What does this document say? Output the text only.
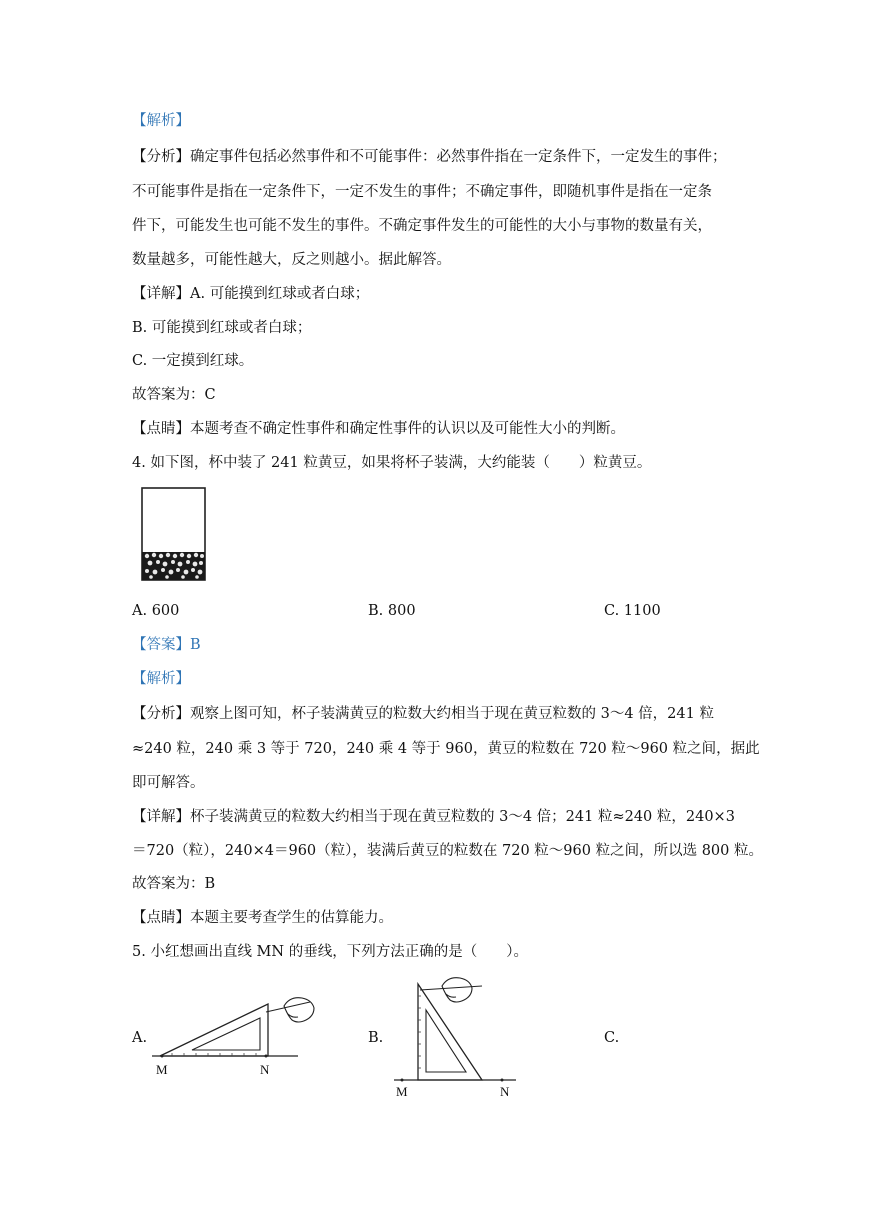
【解析】
【分析】确定事件包括必然事件和不可能事件：必然事件指在一定条件下，一定发生的事件；
不可能事件是指在一定条件下，一定不发生的事件；不确定事件，即随机事件是指在一定条
件下，可能发生也可能不发生的事件。不确定事件发生的可能性的大小与事物的数量有关，
数量越多，可能性越大，反之则越小。据此解答。
【详解】A. 可能摸到红球或者白球；
B. 可能摸到红球或者白球；
C. 一定摸到红球。
故答案为：C
【点睛】本题考查不确定性事件和确定性事件的认识以及可能性大小的判断。
4. 如下图，杯中装了 241 粒黄豆，如果将杯子装满，大约能装（　　）粒黄豆。
A. 600	B. 800	C. 1100
【答案】B
【解析】
【分析】观察上图可知，杯子装满黄豆的粒数大约相当于现在黄豆粒数的 3～4 倍，241 粒
≈240 粒，240 乘 3 等于 720，240 乘 4 等于 960，黄豆的粒数在 720 粒～960 粒之间，据此
即可解答。
【详解】杯子装满黄豆的粒数大约相当于现在黄豆粒数的 3～4 倍；241 粒≈240 粒，240×3
＝720（粒），240×4＝960（粒），装满后黄豆的粒数在 720 粒～960 粒之间，所以选 800 粒。
故答案为：B
【点睛】本题主要考查学生的估算能力。
5. 小红想画出直线 MN 的垂线，下列方法正确的是（　　）。
A.	B.	C.
M	N
M	N
